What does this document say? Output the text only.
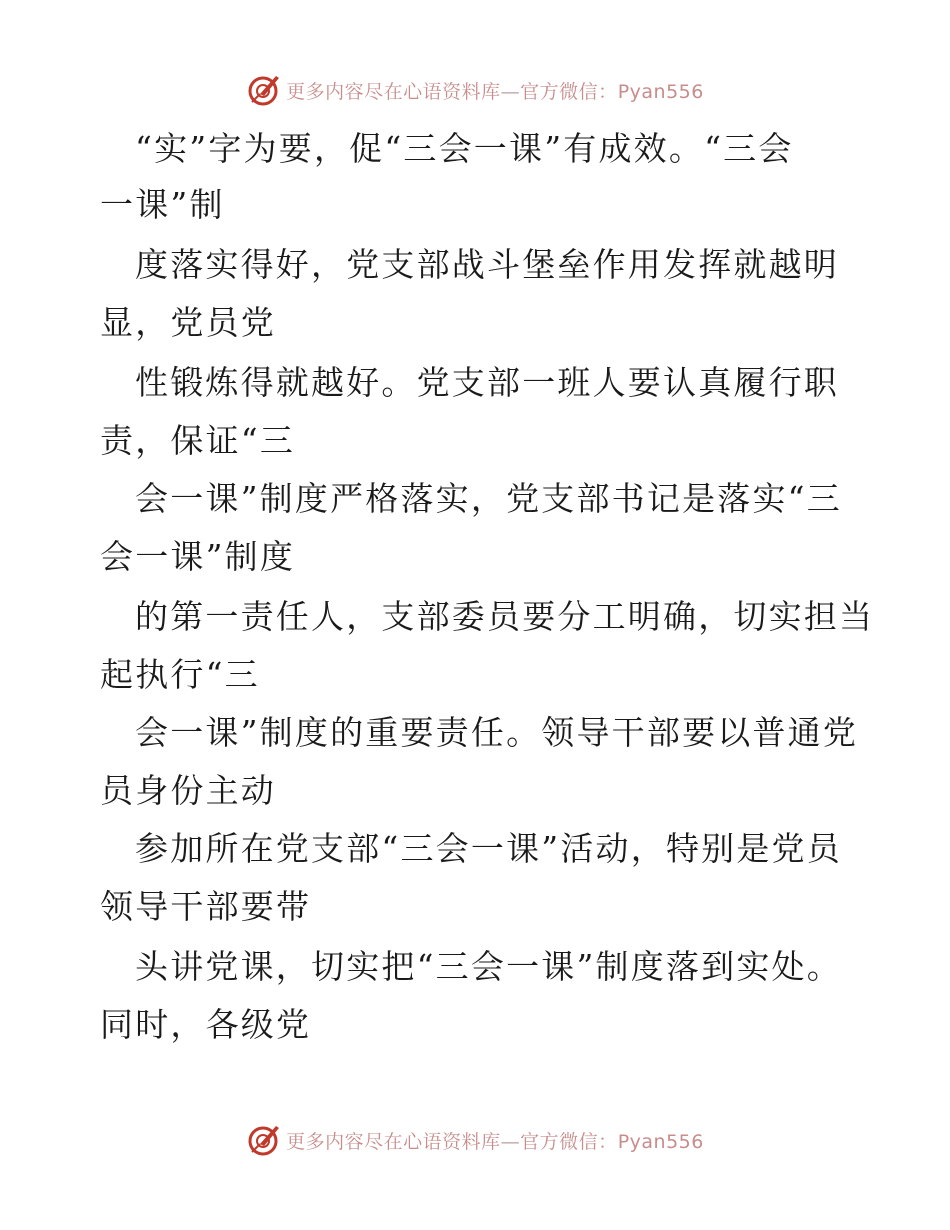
更多内容尽在心语资料库—官方微信：Pyan556
“实”字为要，促“三会一课”有成效。“三会
一课”制
度落实得好，党支部战斗堡垒作用发挥就越明
显，党员党
性锻炼得就越好。党支部一班人要认真履行职
责，保证“三
会一课”制度严格落实，党支部书记是落实“三
会一课”制度
的第一责任人，支部委员要分工明确，切实担当
起执行“三
会一课”制度的重要责任。领导干部要以普通党
员身份主动
参加所在党支部“三会一课”活动，特别是党员
领导干部要带
头讲党课，切实把“三会一课”制度落到实处。
同时，各级党
更多内容尽在心语资料库—官方微信：Pyan556
